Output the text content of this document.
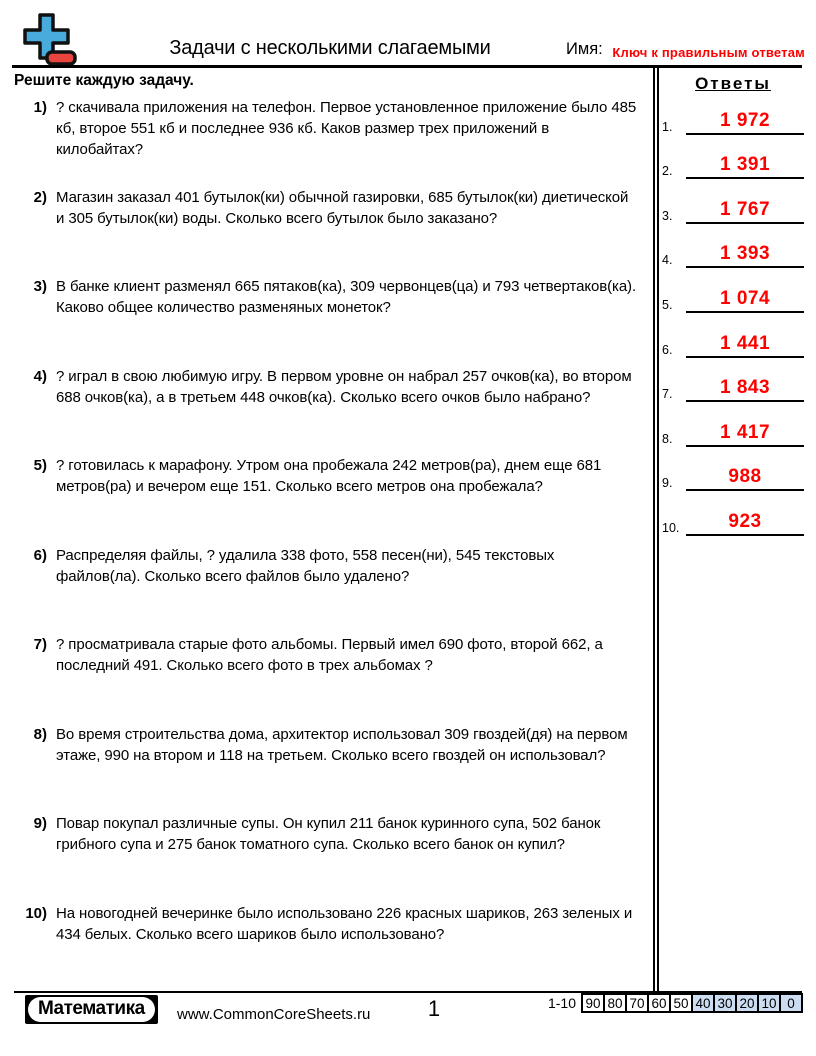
Задачи с несколькими слагаемыми	Имя: Ключ к правильным ответам
Решите каждую задачу.
1) ? скачивала приложения на телефон. Первое установленное приложение было 485 кб, второе 551 кб и последнее 936 кб. Каков размер трех приложений в килобайтах?
2) Магазин заказал 401 бутылок(ки) обычной газировки, 685 бутылок(ки) диетической и 305 бутылок(ки) воды. Сколько всего бутылок было заказано?
3) В банке клиент разменял 665 пятаков(ка), 309 червонцев(ца) и 793 четвертаков(ка). Каково общее количество разменяных монеток?
4) ? играл в свою любимую игру. В первом уровне он набрал 257 очков(ка), во втором 688 очков(ка), а в третьем 448 очков(ка). Сколько всего очков было набрано?
5) ? готовилась к марафону. Утром она пробежала 242 метров(ра), днем еще 681 метров(ра) и вечером еще 151. Сколько всего метров она пробежала?
6) Распределяя файлы, ? удалила 338 фото, 558 песен(ни), 545 текстовых файлов(ла). Сколько всего файлов было удалено?
7) ? просматривала старые фото альбомы. Первый имел 690 фото, второй 662, а последний 491. Сколько всего фото в трех альбомах ?
8) Во время строительства дома, архитектор использовал 309 гвоздей(дя) на первом этаже, 990 на втором и 118 на третьем. Сколько всего гвоздей он использовал?
9) Повар покупал различные супы. Он купил 211 банок куринного супа, 502 банок грибного супа и 275 банок томатного супа. Сколько всего банок он купил?
10) На новогодней вечеринке было использовано 226 красных шариков, 263 зеленых и 434 белых. Сколько всего шариков было использовано?
Ответы
1.	1 972
2.	1 391
3.	1 767
4.	1 393
5.	1 074
6.	1 441
7.	1 843
8.	1 417
9.	988
10.	923
Математика	www.CommonCoreSheets.ru	1	1-10 90 80 70 60 50 40 30 20 10 0
